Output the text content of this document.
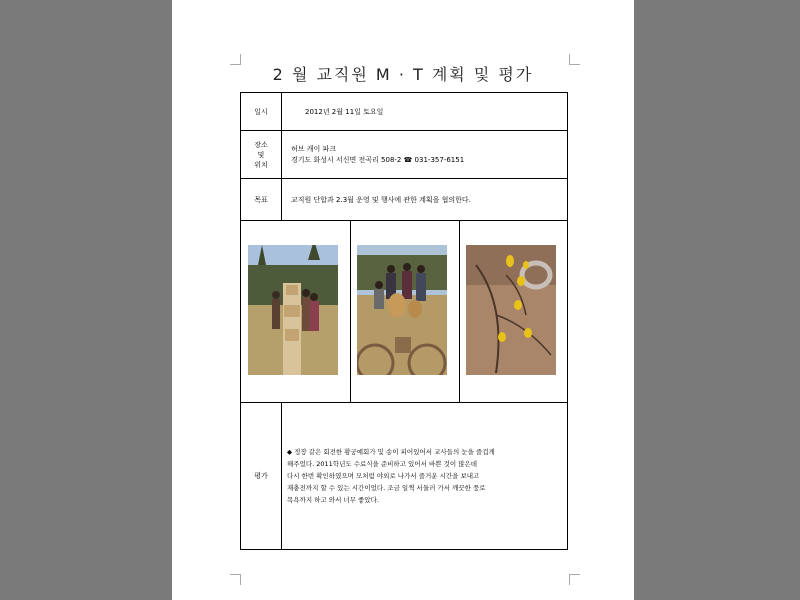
2 월 교직원 M · T 계획 및 평가
일시	2012년 2월 11일 토요일
장소
및
위치
허브 캐이 파크
경기도 화성시 서신면 전곡리 508-2 ☎ 031-357-6151
목표	교직원 단합과 2.3월 운영 및 행사에 관한 계획을 협의한다.
평가
◆ 정장 같은 회전한 황궁예회가 및 송이 피어있어서 교사들의 눈을 즐겁게
해주었다. 2011학년도 수료식을 준비하고 있어서 바쁜 것이 많은데
다시 한번 확인하였으며 모처럼 야외로 나가서 즐거운 시간을 보내고
재충전까지 할 수 있는 시간이었다. 조금 일찍 서둘러 가서 깨끗한 풍로
목욕까지 하고 와서 너무 좋았다.
